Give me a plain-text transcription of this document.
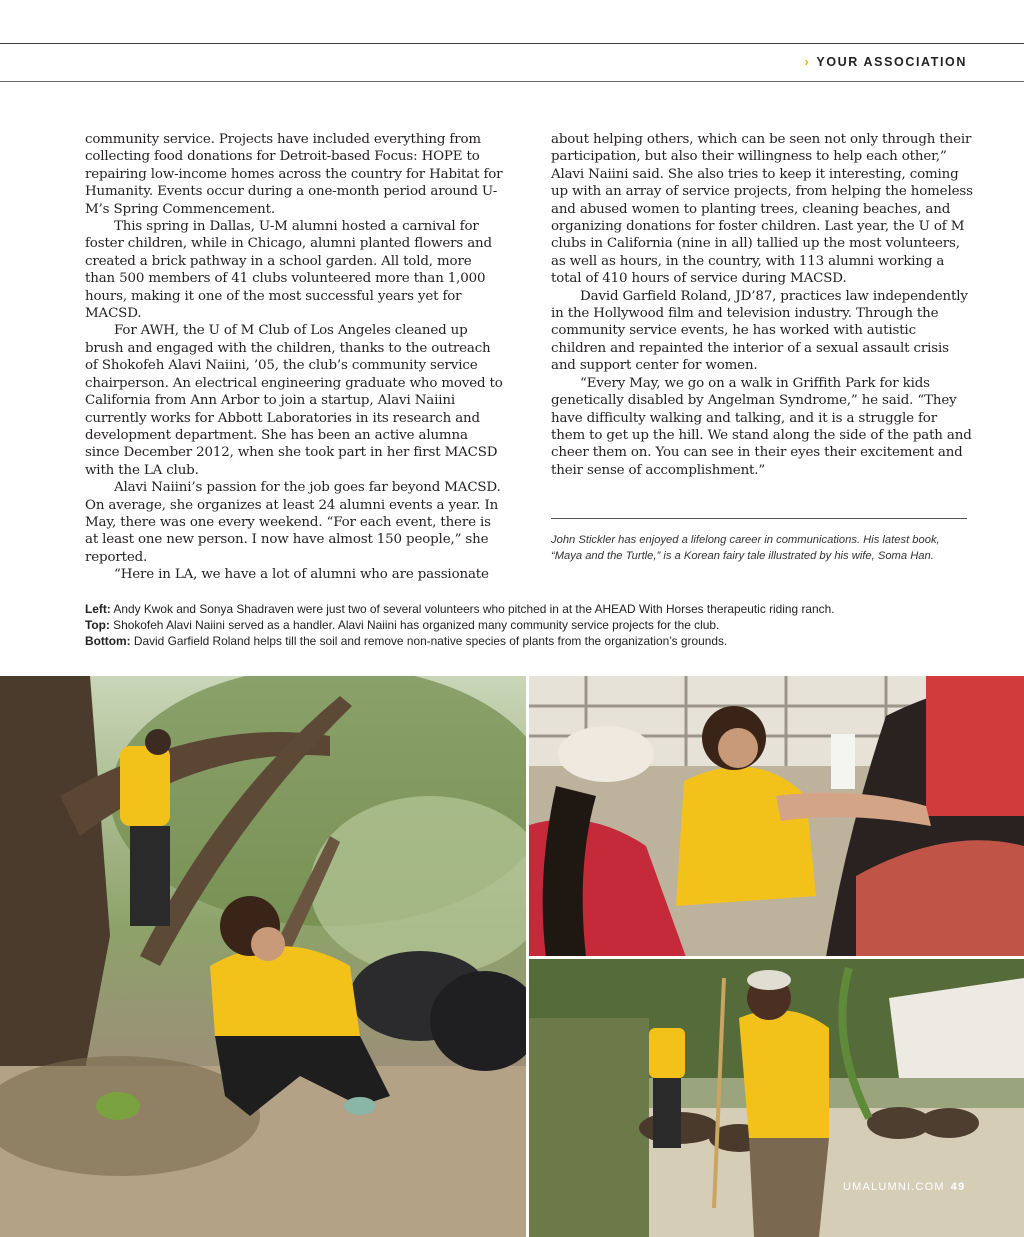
› YOUR ASSOCIATION

community service. Projects have included everything from collecting food donations for Detroit-based Focus: HOPE to repairing low-income homes across the country for Habitat for Humanity. Events occur during a one-month period around U-M’s Spring Commencement.

This spring in Dallas, U-M alumni hosted a carnival for foster children, while in Chicago, alumni planted flowers and created a brick pathway in a school garden. All told, more than 500 members of 41 clubs volunteered more than 1,000 hours, making it one of the most successful years yet for MACSD.

For AWH, the U of M Club of Los Angeles cleaned up brush and engaged with the children, thanks to the outreach of Shokofeh Alavi Naiini, ’05, the club’s community service chairperson. An electrical engineering graduate who moved to California from Ann Arbor to join a startup, Alavi Naiini currently works for Abbott Laboratories in its research and development department. She has been an active alumna since December 2012, when she took part in her first MACSD with the LA club.

Alavi Naiini’s passion for the job goes far beyond MACSD. On average, she organizes at least 24 alumni events a year. In May, there was one every weekend. “For each event, there is at least one new person. I now have almost 150 people,” she reported.

“Here in LA, we have a lot of alumni who are passionate

about helping others, which can be seen not only through their participation, but also their willingness to help each other,” Alavi Naiini said. She also tries to keep it interesting, coming up with an array of service projects, from helping the homeless and abused women to planting trees, cleaning beaches, and organizing donations for foster children. Last year, the U of M clubs in California (nine in all) tallied up the most volunteers, as well as hours, in the country, with 113 alumni working a total of 410 hours of service during MACSD.

David Garfield Roland, JD’87, practices law independently in the Hollywood film and television industry. Through the community service events, he has worked with autistic children and repainted the interior of a sexual assault crisis and support center for women.

“Every May, we go on a walk in Griffith Park for kids genetically disabled by Angelman Syndrome,” he said. “They have difficulty walking and talking, and it is a struggle for them to get up the hill. We stand along the side of the path and cheer them on. You can see in their eyes their excitement and their sense of accomplishment.”

John Stickler has enjoyed a lifelong career in communications. His latest book, “Maya and the Turtle,” is a Korean fairy tale illustrated by his wife, Soma Han.
Left: Andy Kwok and Sonya Shadraven were just two of several volunteers who pitched in at the AHEAD With Horses therapeutic riding ranch.
Top: Shokofeh Alavi Naiini served as a handler. Alavi Naiini has organized many community service projects for the club.
Bottom: David Garfield Roland helps till the soil and remove non-native species of plants from the organization’s grounds.
UMALUMNI.COM 49
